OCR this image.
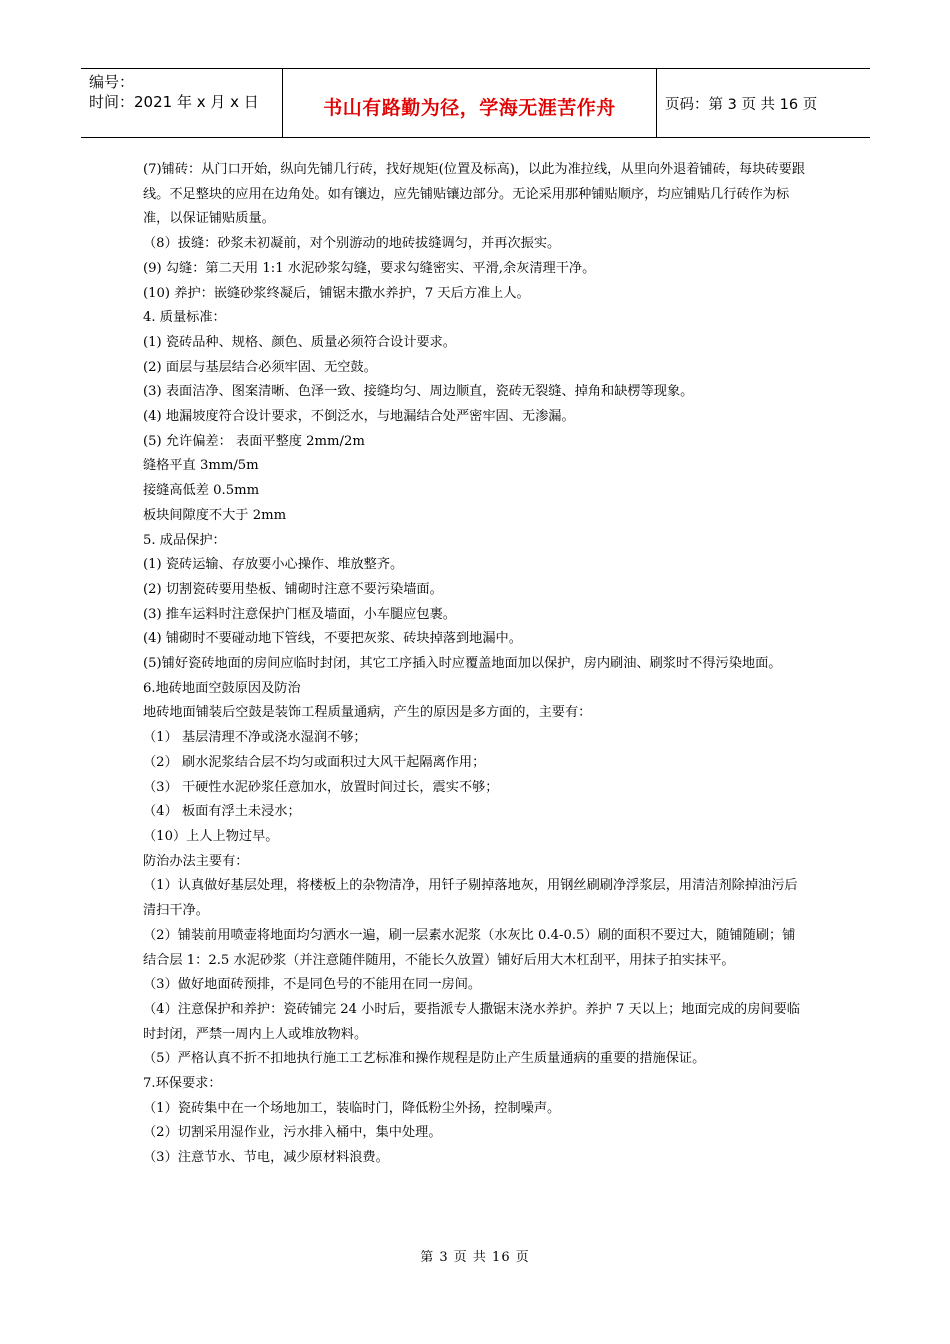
编号：
时间：2021 年 x 月 x 日	书山有路勤为径，学海无涯苦作舟	页码：第 3 页 共 16 页

(7)铺砖：从门口开始，纵向先铺几行砖，找好规矩(位置及标高)，以此为准拉线，从里向外退着铺砖，每块砖要跟线。不足整块的应用在边角处。如有镶边，应先铺贴镶边部分。无论采用那种铺贴顺序，均应铺贴几行砖作为标准，以保证铺贴质量。

（8）拔缝：砂浆未初凝前，对个别游动的地砖拔缝调匀，并再次振实。

(9) 勾缝：第二天用 1:1 水泥砂浆勾缝，要求勾缝密实、平滑,余灰清理干净。

(10) 养护：嵌缝砂浆终凝后，铺锯末撒水养护，7 天后方准上人。

4. 质量标准：

(1) 瓷砖品种、规格、颜色、质量必须符合设计要求。

(2) 面层与基层结合必须牢固、无空鼓。

(3) 表面洁净、图案清晰、色泽一致、接缝均匀、周边顺直，瓷砖无裂缝、掉角和缺楞等现象。

(4) 地漏坡度符合设计要求，不倒泛水，与地漏结合处严密牢固、无渗漏。

(5) 允许偏差： 表面平整度 2mm/2m

缝格平直 3mm/5m

接缝高低差 0.5mm

板块间隙度不大于 2mm

5. 成品保护：

(1) 瓷砖运输、存放要小心操作、堆放整齐。

(2) 切割瓷砖要用垫板、铺砌时注意不要污染墙面。

(3) 推车运料时注意保护门框及墙面，小车腿应包裹。

(4) 铺砌时不要碰动地下管线，不要把灰浆、砖块掉落到地漏中。

(5)铺好瓷砖地面的房间应临时封闭，其它工序插入时应覆盖地面加以保护，房内刷油、刷浆时不得污染地面。

6.地砖地面空鼓原因及防治

地砖地面铺装后空鼓是装饰工程质量通病，产生的原因是多方面的，主要有：

（1） 基层清理不净或浇水湿润不够；

（2） 刷水泥浆结合层不均匀或面积过大风干起隔离作用；

（3） 干硬性水泥砂浆任意加水，放置时间过长，震实不够；

（4） 板面有浮土未浸水；

（10）上人上物过早。

防治办法主要有：

（1）认真做好基层处理，将楼板上的杂物清净，用钎子剔掉落地灰，用钢丝刷刷净浮浆层，用清洁剂除掉油污后清扫干净。

（2）铺装前用喷壶将地面均匀洒水一遍，刷一层素水泥浆（水灰比 0.4-0.5）刷的面积不要过大，随铺随刷；铺结合层 1：2.5 水泥砂浆（并注意随伴随用，不能长久放置）铺好后用大木杠刮平，用抹子拍实抹平。

（3）做好地面砖预排，不是同色号的不能用在同一房间。

（4）注意保护和养护：瓷砖铺完 24 小时后，要指派专人撒锯末浇水养护。养护 7 天以上；地面完成的房间要临时封闭，严禁一周内上人或堆放物料。

（5）严格认真不折不扣地执行施工工艺标准和操作规程是防止产生质量通病的重要的措施保证。

7.环保要求：

（1）瓷砖集中在一个场地加工，装临时门，降低粉尘外扬，控制噪声。

（2）切割采用湿作业，污水排入桶中，集中处理。

（3）注意节水、节电，减少原材料浪费。

第 3 页 共 16 页
